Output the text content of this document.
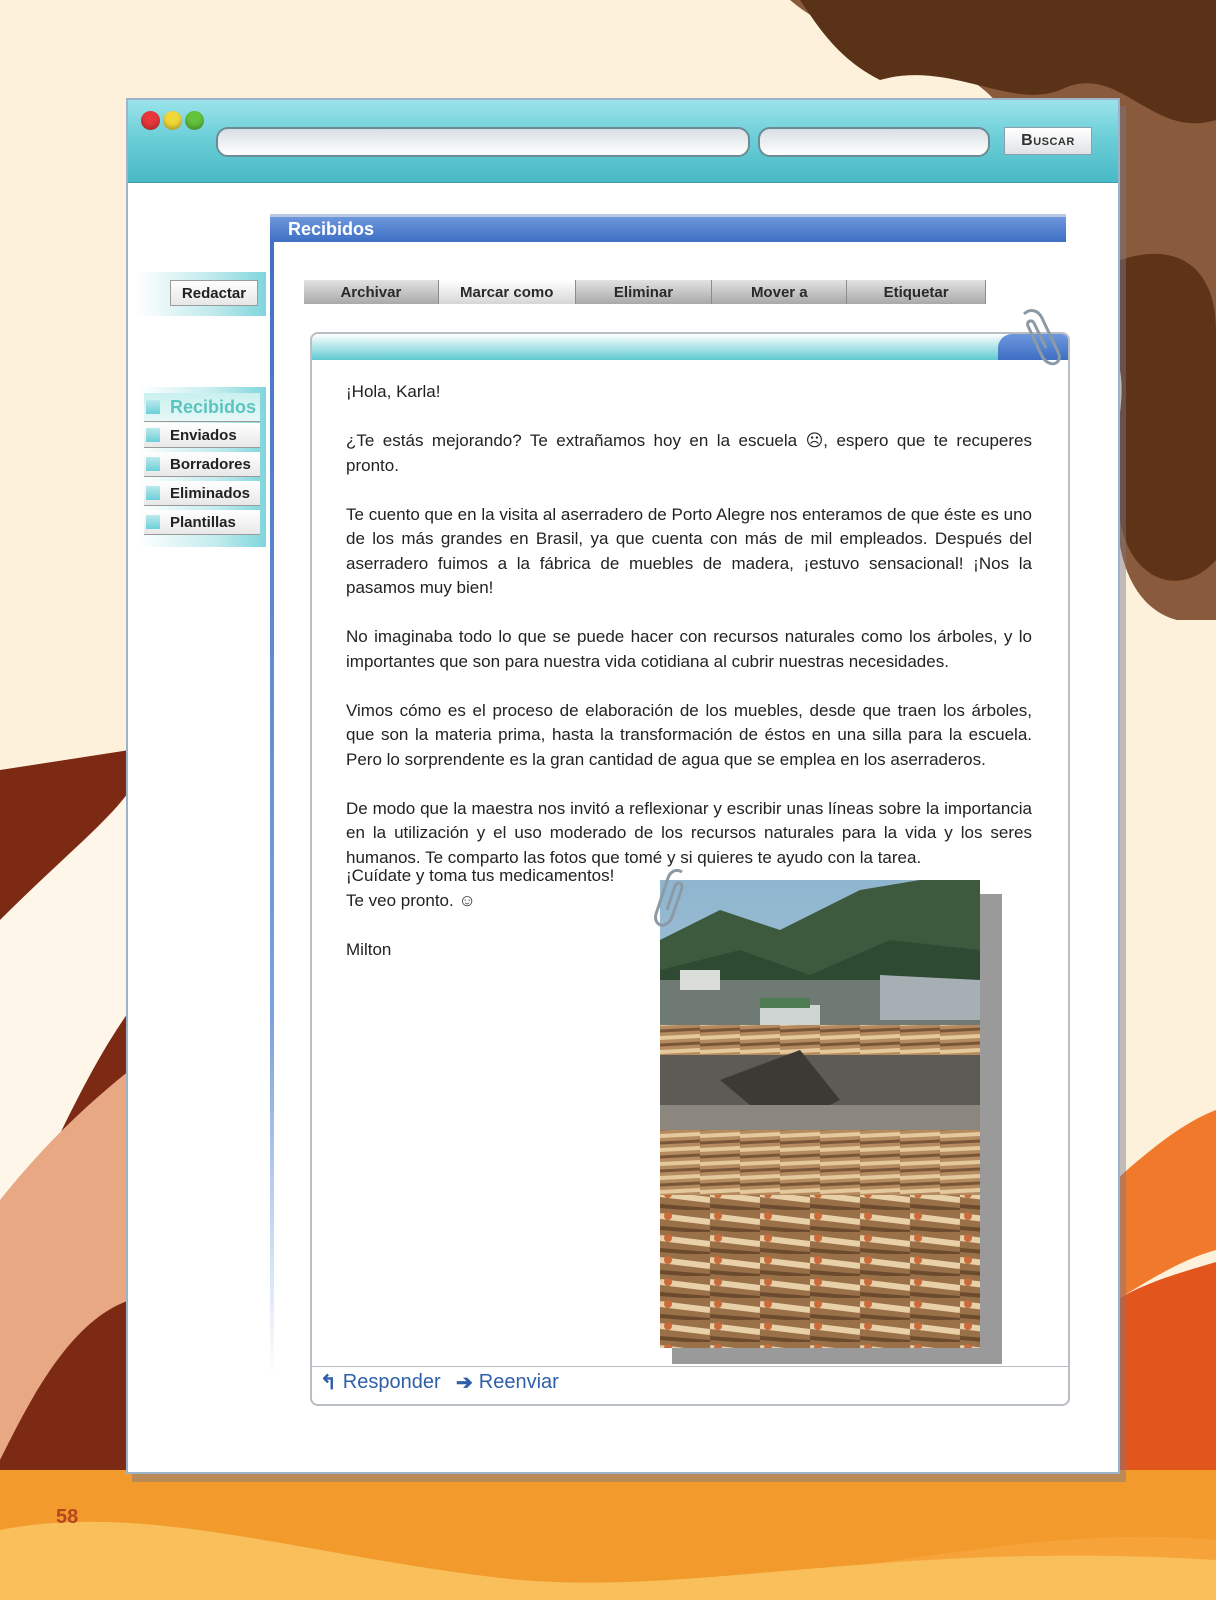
Buscar
Recibidos
Redactar
Recibidos
Enviados
Borradores
Eliminados
Plantillas
Archivar	Marcar como	Eliminar	Mover a	Etiquetar

¡Hola, Karla!

¿Te estás mejorando? Te extrañamos hoy en la escuela ☹, espero que te recuperes pronto.

Te cuento que en la visita al aserradero de Porto Alegre nos enteramos de que éste es uno de los más grandes en Brasil, ya que cuenta con más de mil empleados. Después del aserradero fuimos a la fábrica de muebles de madera, ¡estuvo sensacional! ¡Nos la pasamos muy bien!

No imaginaba todo lo que se puede hacer con recursos naturales como los árboles, y lo importantes que son para nuestra vida cotidiana al cubrir nuestras necesidades.

Vimos cómo es el proceso de elaboración de los muebles, desde que traen los árboles, que son la materia prima, hasta la transformación de éstos en una silla para la escuela. Pero lo sorprendente es la gran cantidad de agua que se emplea en los aserraderos.

De modo que la maestra nos invitó a reflexionar y escribir unas líneas sobre la importancia en la utilización y el uso moderado de los recursos naturales para la vida y los seres humanos. Te comparto las fotos que tomé y si quieres te ayudo con la tarea.

¡Cuídate y toma tus medicamentos!

Te veo pronto. ☺

Milton

↰ Responder ➔ Reenviar
58
